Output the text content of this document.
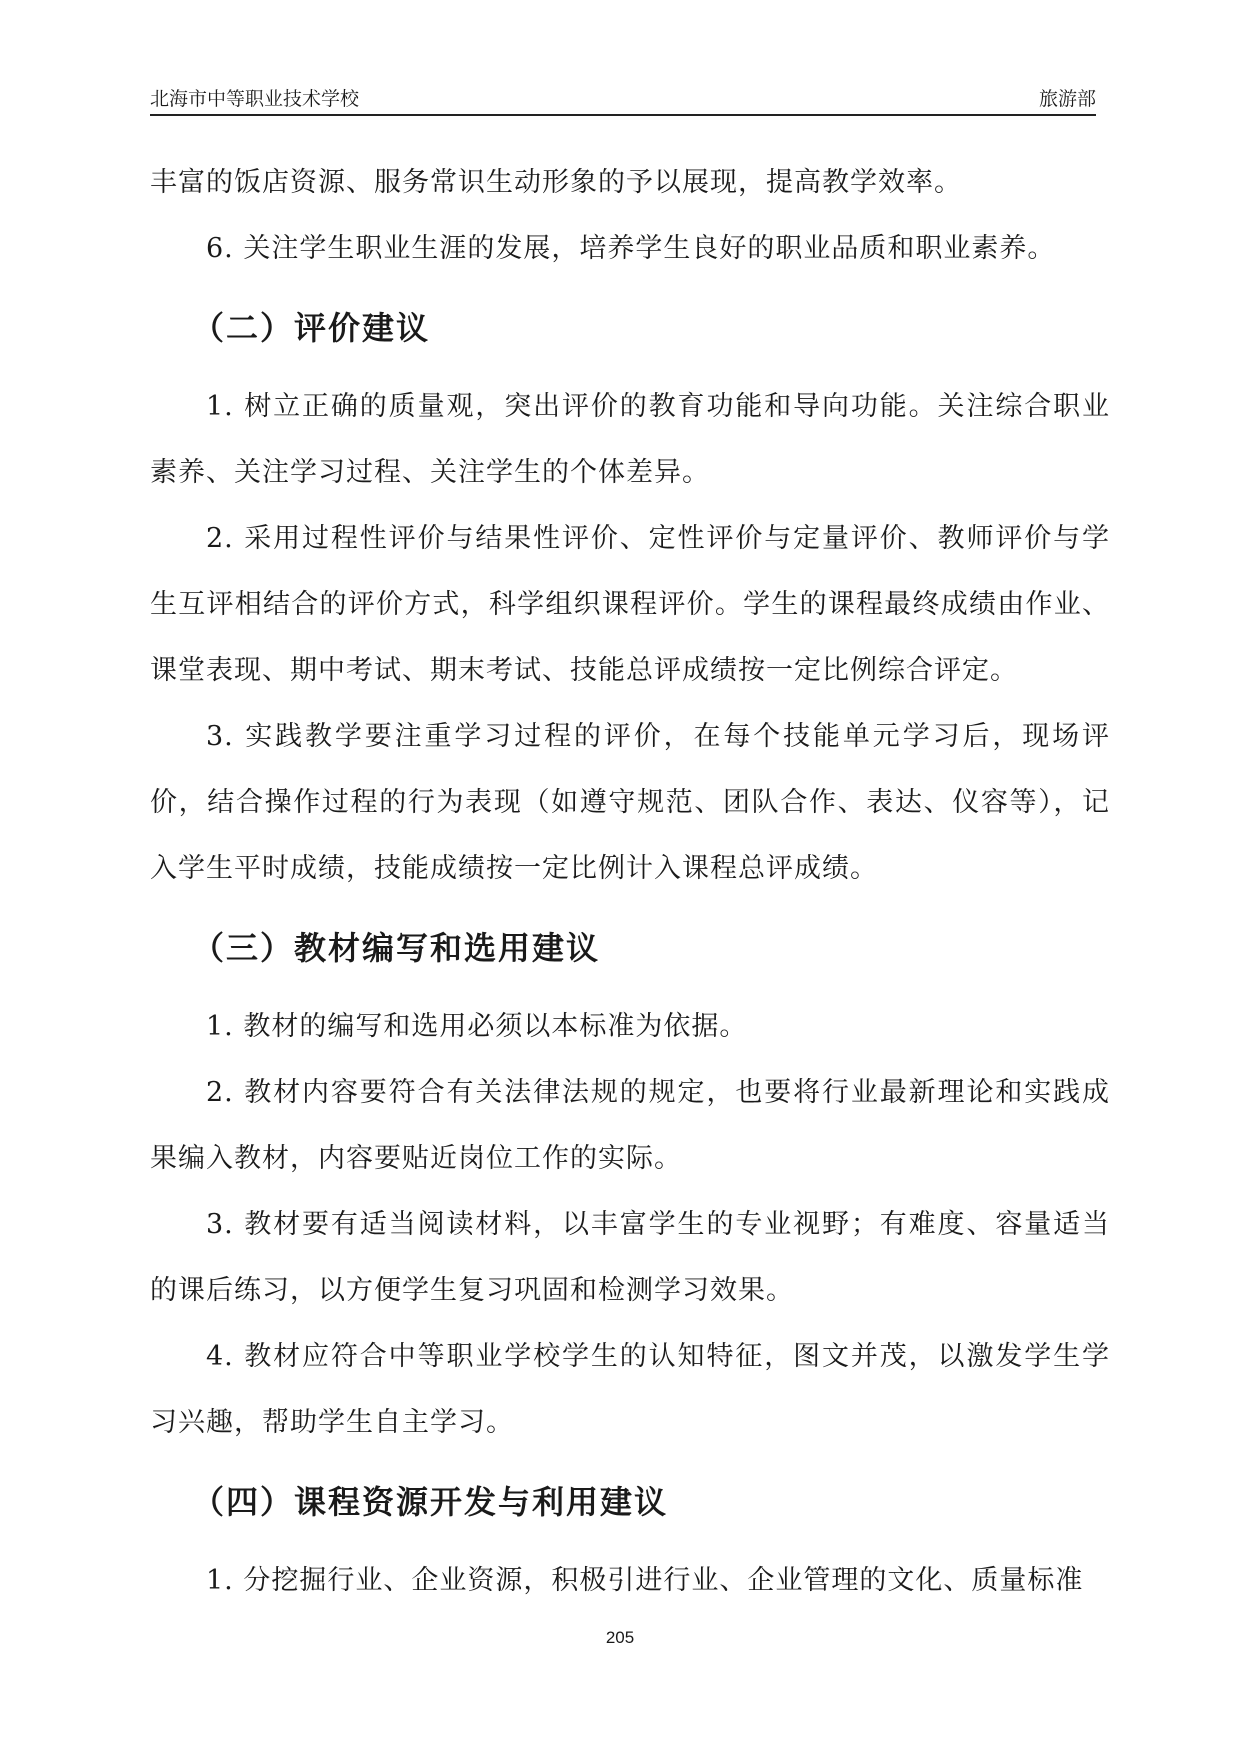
北海市中等职业技术学校	旅游部

丰富的饭店资源、服务常识生动形象的予以展现，提高教学效率。

6. 关注学生职业生涯的发展，培养学生良好的职业品质和职业素养。

（二）评价建议

1. 树立正确的质量观，突出评价的教育功能和导向功能。关注综合职业素养、关注学习过程、关注学生的个体差异。

2. 采用过程性评价与结果性评价、定性评价与定量评价、教师评价与学生互评相结合的评价方式，科学组织课程评价。学生的课程最终成绩由作业、课堂表现、期中考试、期末考试、技能总评成绩按一定比例综合评定。

3. 实践教学要注重学习过程的评价，在每个技能单元学习后，现场评价，结合操作过程的行为表现（如遵守规范、团队合作、表达、仪容等），记入学生平时成绩，技能成绩按一定比例计入课程总评成绩。

（三）教材编写和选用建议

1. 教材的编写和选用必须以本标准为依据。

2. 教材内容要符合有关法律法规的规定，也要将行业最新理论和实践成果编入教材，内容要贴近岗位工作的实际。

3. 教材要有适当阅读材料，以丰富学生的专业视野；有难度、容量适当的课后练习，以方便学生复习巩固和检测学习效果。

4. 教材应符合中等职业学校学生的认知特征，图文并茂，以激发学生学习兴趣，帮助学生自主学习。

（四）课程资源开发与利用建议

1. 分挖掘行业、企业资源，积极引进行业、企业管理的文化、质量标准

205
